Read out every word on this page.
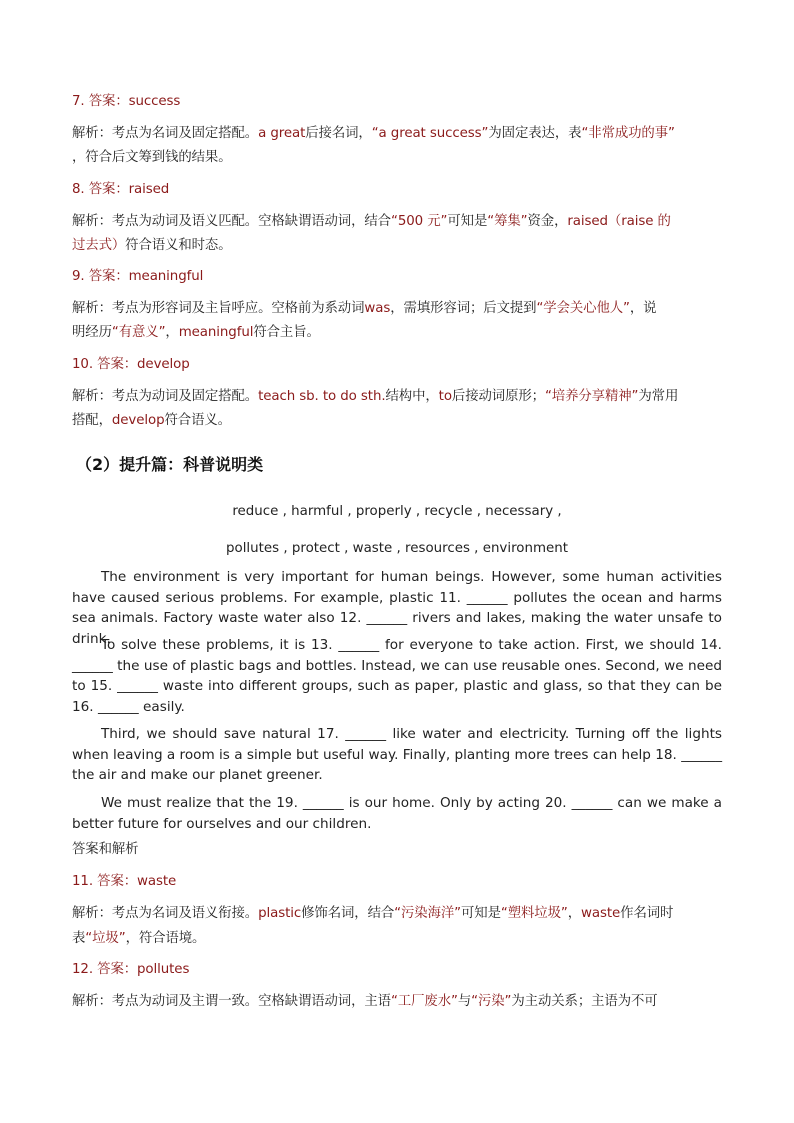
7. 答案：success
解析：考点为名词及固定搭配。a great后接名词，“a great success”为固定表达，表“非常成功的事”
，符合后文筹到钱的结果。
8. 答案：raised
解析：考点为动词及语义匹配。空格缺谓语动词，结合“500 元”可知是“筹集”资金，raised（raise 的
过去式）符合语义和时态。
9. 答案：meaningful
解析：考点为形容词及主旨呼应。空格前为系动词was，需填形容词；后文提到“学会关心他人”，说
明经历“有意义”，meaningful符合主旨。
10. 答案：develop
解析：考点为动词及固定搭配。teach sb. to do sth.结构中，to后接动词原形；“培养分享精神”为常用
搭配，develop符合语义。
（2）提升篇：科普说明类
reduce , harmful , properly , recycle , necessary ,
pollutes , protect , waste , resources , environment

The environment is very important for human beings. However, some human activities have caused serious problems. For example, plastic 11. ______ pollutes the ocean and harms sea animals. Factory waste water also 12. ______ rivers and lakes, making the water unsafe to drink.

To solve these problems, it is 13. ______ for everyone to take action. First, we should 14. ______ the use of plastic bags and bottles. Instead, we can use reusable ones. Second, we need to 15. ______ waste into different groups, such as paper, plastic and glass, so that they can be 16. ______ easily.

Third, we should save natural 17. ______ like water and electricity. Turning off the lights when leaving a room is a simple but useful way. Finally, planting more trees can help 18. ______ the air and make our planet greener.

We must realize that the 19. ______ is our home. Only by acting 20. ______ can we make a better future for ourselves and our children.

答案和解析
11. 答案：waste
解析：考点为名词及语义衔接。plastic修饰名词，结合“污染海洋”可知是“塑料垃圾”，waste作名词时
表“垃圾”，符合语境。
12. 答案：pollutes
解析：考点为动词及主谓一致。空格缺谓语动词，主语“工厂废水”与“污染”为主动关系；主语为不可
